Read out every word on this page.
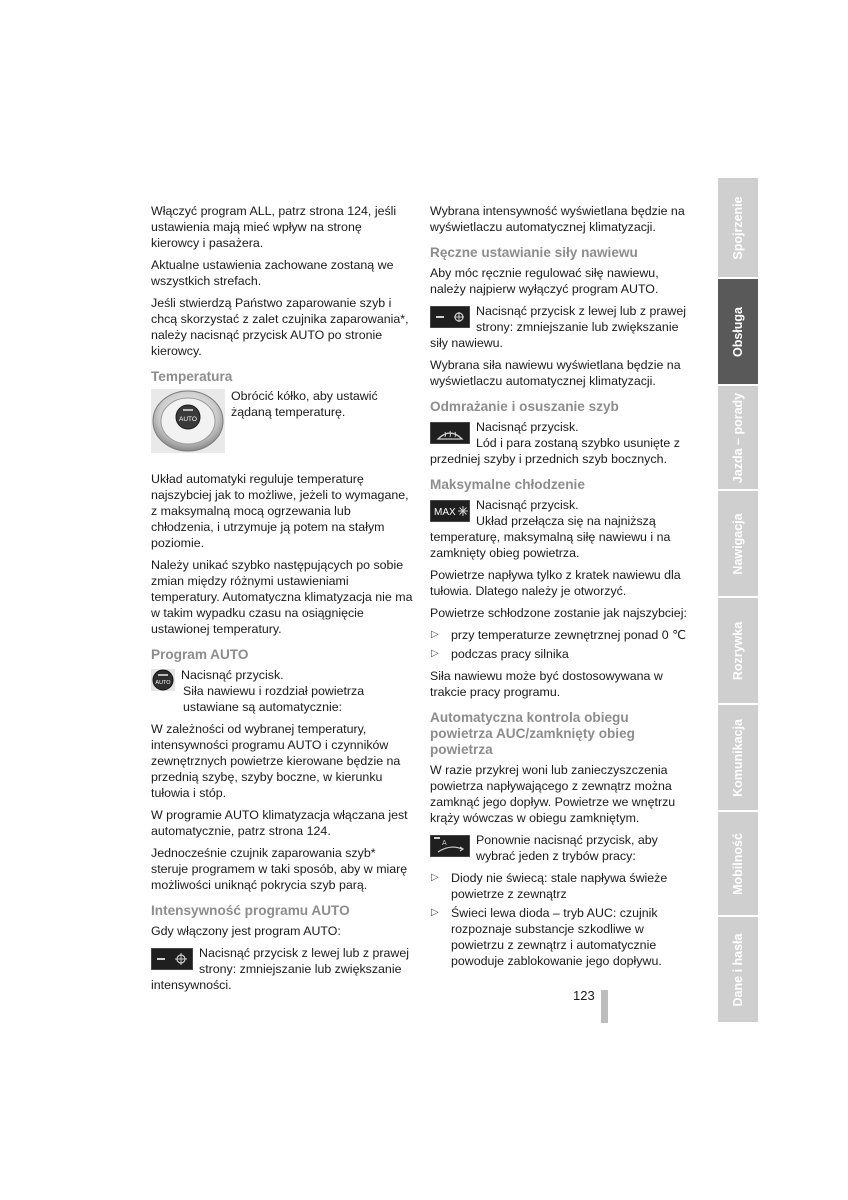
Włączyć program ALL, patrz strona 124, jeśli ustawienia mają mieć wpływ na stronę kierowcy i pasażera.

Aktualne ustawienia zachowane zostaną we wszystkich strefach.

Jeśli stwierdzą Państwo zaparowanie szyb i chcą skorzystać z zalet czujnika zaparowania*, należy nacisnąć przycisk AUTO po stronie kierowcy.

Temperatura
AUTO

Obrócić kółko, aby ustawić żądaną temperaturę.

Układ automatyki reguluje temperaturę najszybciej jak to możliwe, jeżeli to wymagane, z maksymalną mocą ogrzewania lub chłodzenia, i utrzymuje ją potem na stałym poziomie.

Należy unikać szybko następujących po sobie zmian między różnymi ustawieniami temperatury. Automatyczna klimatyzacja nie ma w takim wypadku czasu na osiągnięcie ustawionej temperatury.

Program AUTO
AUTO

Nacisnąć przycisk.

Siła nawiewu i rozdział powietrza ustawiane są automatycznie:

W zależności od wybranej temperatury, intensywności programu AUTO i czynników zewnętrznych powietrze kierowane będzie na przednią szybę, szyby boczne, w kierunku tułowia i stóp.

W programie AUTO klimatyzacja włączana jest automatycznie, patrz strona 124.

Jednocześnie czujnik zaparowania szyb* steruje programem w taki sposób, aby w miarę możliwości uniknąć pokrycia szyb parą.

Intensywność programu AUTO

Gdy włączony jest program AUTO:

Nacisnąć przycisk z lewej lub z prawej strony: zmniejszanie lub zwiększanie intensywności.

Wybrana intensywność wyświetlana będzie na wyświetlaczu automatycznej klimatyzacji.

Ręczne ustawianie siły nawiewu

Aby móc ręcznie regulować siłę nawiewu, należy najpierw wyłączyć program AUTO.

Nacisnąć przycisk z lewej lub z prawej strony: zmniejszanie lub zwiększanie siły nawiewu.

Wybrana siła nawiewu wyświetlana będzie na wyświetlaczu automatycznej klimatyzacji.

Odmrażanie i osuszanie szyb

Nacisnąć przycisk.

Lód i para zostaną szybko usunięte z przedniej szyby i przednich szyb bocznych.

Maksymalne chłodzenie
MAX

Nacisnąć przycisk.

Układ przełącza się na najniższą temperaturę, maksymalną siłę nawiewu i na zamknięty obieg powietrza.

Powietrze napływa tylko z kratek nawiewu dla tułowia. Dlatego należy je otworzyć.

Powietrze schłodzone zostanie jak najszybciej:

▷ przy temperaturze zewnętrznej ponad 0 ℃
▷ podczas pracy silnika

Siła nawiewu może być dostosowywana w trakcie pracy programu.

Automatyczna kontrola obiegu powietrza AUC/zamknięty obieg powietrza

W razie przykrej woni lub zanieczyszczenia powietrza napływającego z zewnątrz można zamknąć jego dopływ. Powietrze we wnętrzu krąży wówczas w obiegu zamkniętym.

A	Ponownie nacisnąć przycisk, aby wybrać jeden z trybów pracy:

▷ Diody nie świecą: stale napływa świeże powietrze z zewnątrz
▷ Świeci lewa dioda – tryb AUC: czujnik rozpoznaje substancje szkodliwe w powietrzu z zewnątrz i automatycznie powoduje zablokowanie jego dopływu.
123
Spojrzenie
Obsługa
Jazda – porady
Nawigacja
Rozrywka
Komunikacja
Mobilność
Dane i hasła
